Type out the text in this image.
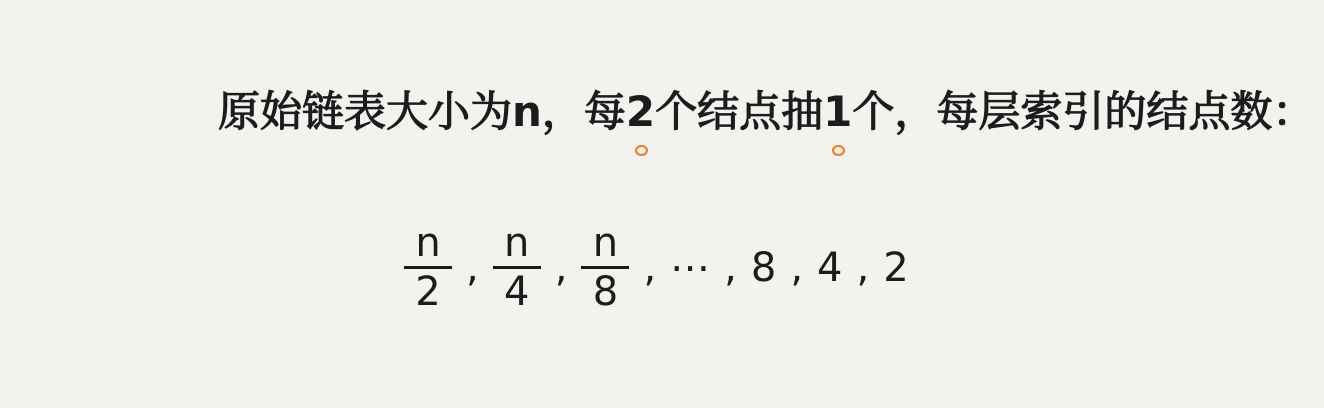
原始链表大小为n，每2个结点抽1个，每层索引的结点数：
$\frac{n}{2}$ , $\frac{n}{4}$ , $\frac{n}{8}$ , ⋯ , 8 , 4 , 2
